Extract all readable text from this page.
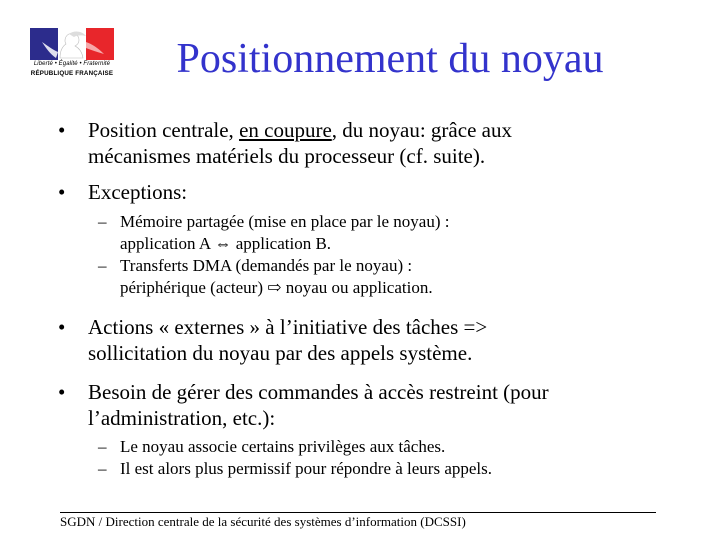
Liberté • Égalité • Fraternité
RÉPUBLIQUE FRANÇAISE	Positionnement du noyau
• Position centrale, en coupure, du noyau: grâce aux
mécanismes matériels du processeur (cf. suite).
• Exceptions:
– Mémoire partagée (mise en place par le noyau) :
application A ⇔ application B.
– Transferts DMA (demandés par le noyau) :
périphérique (acteur) ⇨ noyau ou application.
• Actions « externes » à l’initiative des tâches =>
sollicitation du noyau par des appels système.
• Besoin de gérer des commandes à accès restreint (pour
l’administration, etc.):
– Le noyau associe certains privilèges aux tâches.
– Il est alors plus permissif pour répondre à leurs appels.
SGDN / Direction centrale de la sécurité des systèmes d’information (DCSSI)
